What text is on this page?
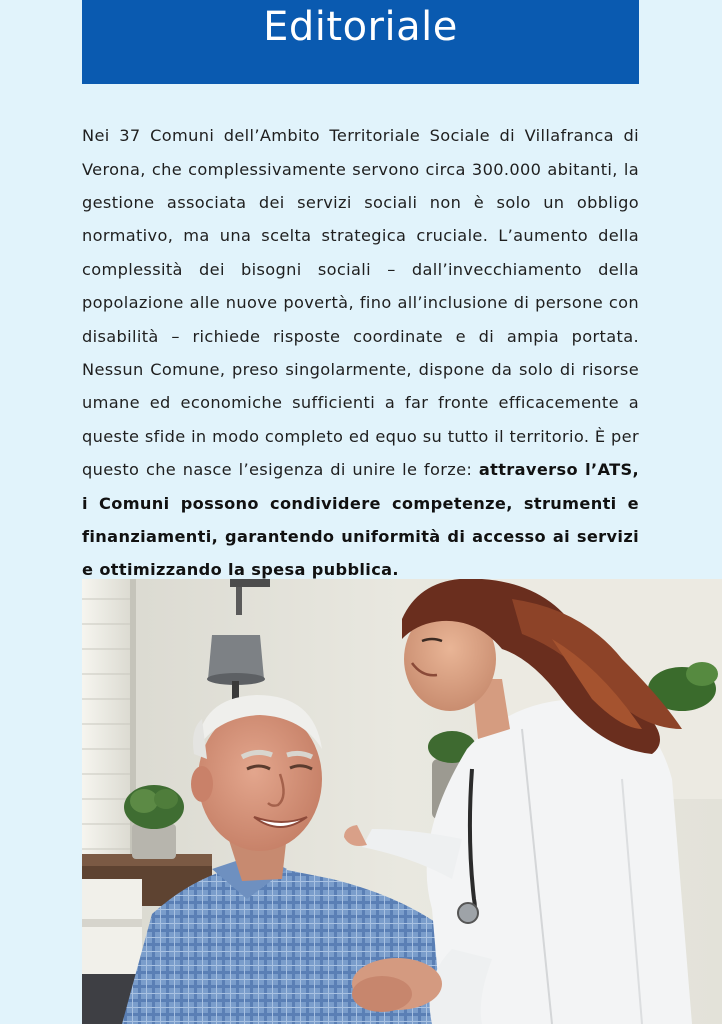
Editoriale

Nei 37 Comuni dell’Ambito Territoriale Sociale di Villafranca di Verona, che complessivamente servono circa 300.000 abitanti, la gestione associata dei servizi sociali non è solo un obbligo normativo, ma una scelta strategica cruciale. L’aumento della complessità dei bisogni sociali – dall’invecchiamento della popolazione alle nuove povertà, fino all’inclusione di persone con disabilità – richiede risposte coordinate e di ampia portata. Nessun Comune, preso singolarmente, dispone da solo di risorse umane ed economiche sufficienti a far fronte efficacemente a queste sfide in modo completo ed equo su tutto il territorio. È per questo che nasce l’esigenza di unire le forze: attraverso l’ATS, i Comuni possono condividere competenze, strumenti e finanziamenti, garantendo uniformità di accesso ai servizi e ottimizzando la spesa pubblica.
